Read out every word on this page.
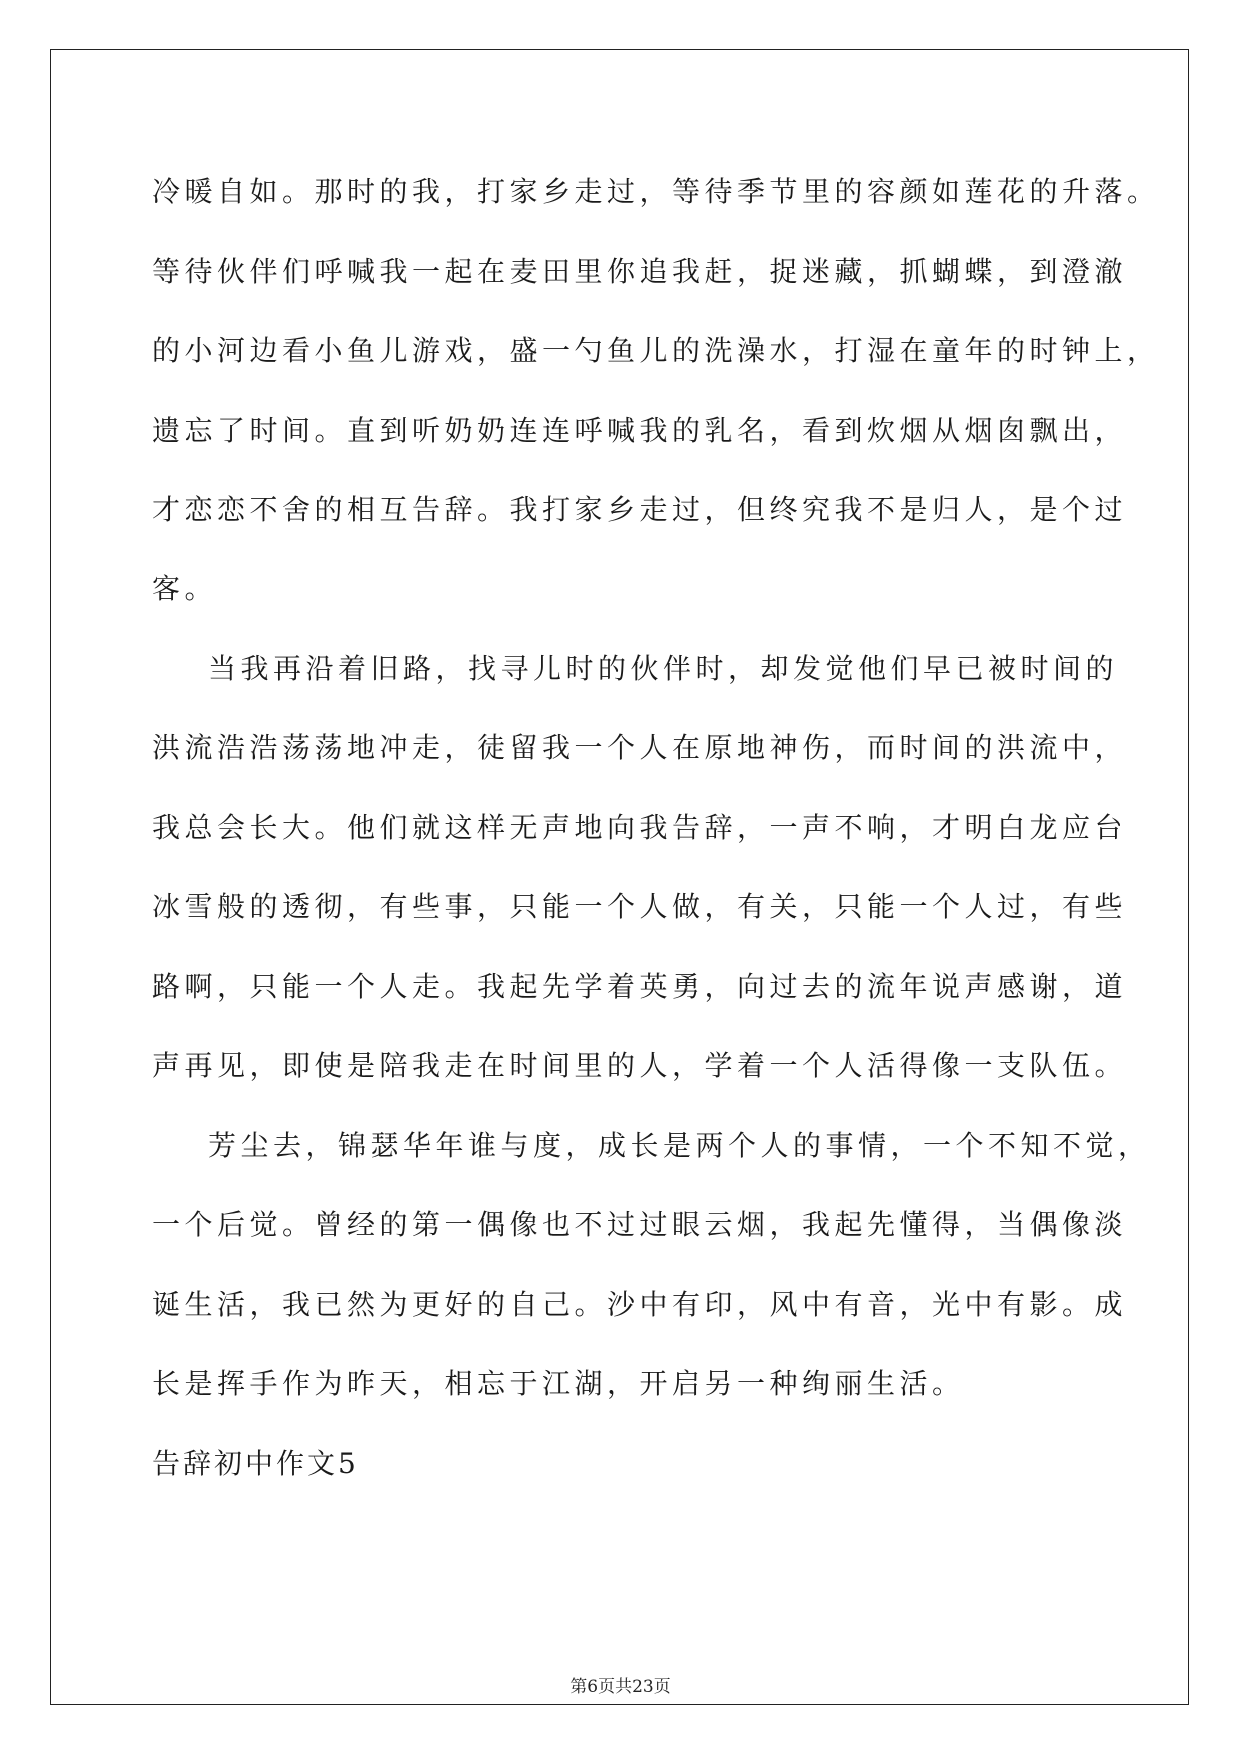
冷暖自如。那时的我，打家乡走过，等待季节里的容颜如莲花的升落。
等待伙伴们呼喊我一起在麦田里你追我赶，捉迷藏，抓蝴蝶，到澄澈
的小河边看小鱼儿游戏，盛一勺鱼儿的洗澡水，打湿在童年的时钟上，
遗忘了时间。直到听奶奶连连呼喊我的乳名，看到炊烟从烟囱飘出，
才恋恋不舍的相互告辞。我打家乡走过，但终究我不是归人，是个过
客。
当我再沿着旧路，找寻儿时的伙伴时，却发觉他们早已被时间的
洪流浩浩荡荡地冲走，徒留我一个人在原地神伤，而时间的洪流中，
我总会长大。他们就这样无声地向我告辞，一声不响，才明白龙应台
冰雪般的透彻，有些事，只能一个人做，有关，只能一个人过，有些
路啊，只能一个人走。我起先学着英勇，向过去的流年说声感谢，道
声再见，即使是陪我走在时间里的人，学着一个人活得像一支队伍。
芳尘去，锦瑟华年谁与度，成长是两个人的事情，一个不知不觉，
一个后觉。曾经的第一偶像也不过过眼云烟，我起先懂得，当偶像淡
诞生活，我已然为更好的自己。沙中有印，风中有音，光中有影。成
长是挥手作为昨天，相忘于江湖，开启另一种绚丽生活。
告辞初中作文5
第6页共23页
